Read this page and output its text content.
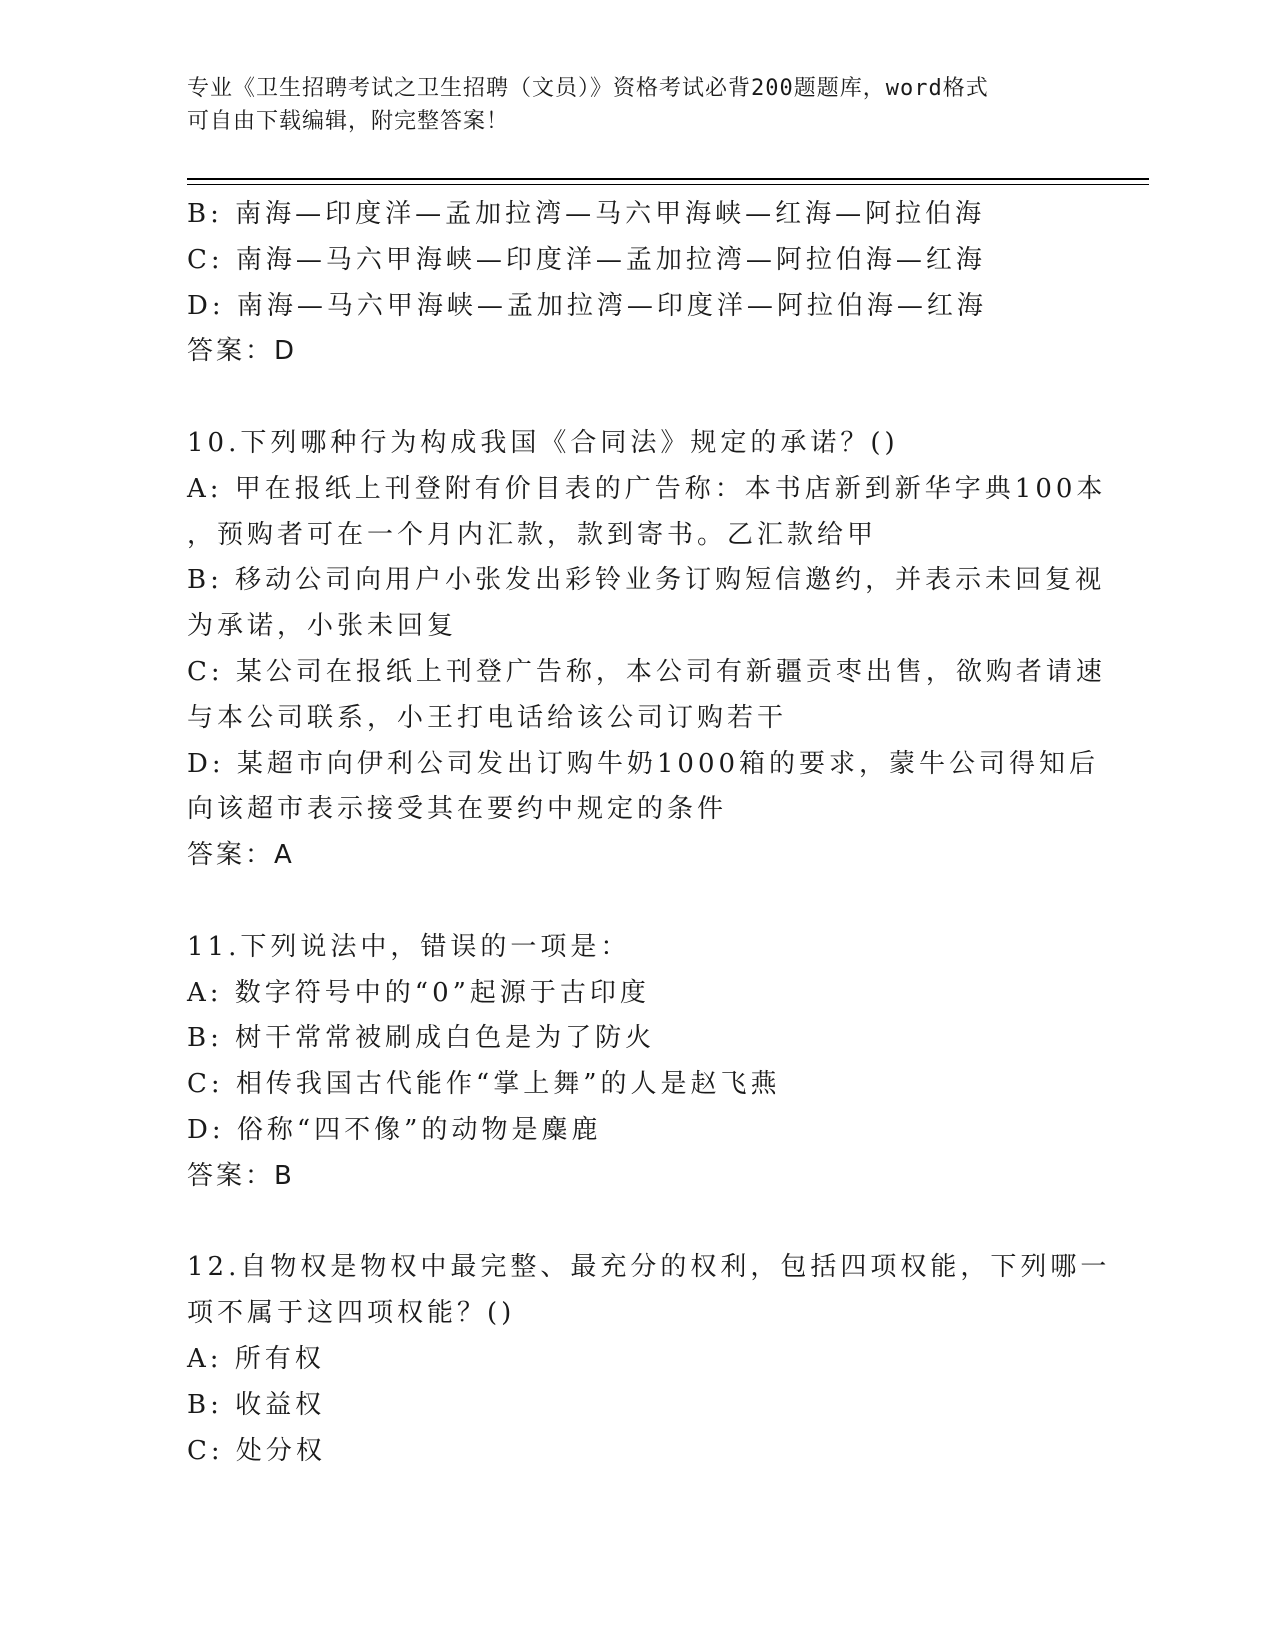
专业《卫生招聘考试之卫生招聘（文员）》资格考试必背200题题库，word格式
可自由下载编辑，附完整答案！
B: 南海—印度洋—孟加拉湾—马六甲海峡—红海—阿拉伯海
C: 南海—马六甲海峡—印度洋—孟加拉湾—阿拉伯海—红海
D: 南海—马六甲海峡—孟加拉湾—印度洋—阿拉伯海—红海
答案：D
10.下列哪种行为构成我国《合同法》规定的承诺？()
A: 甲在报纸上刊登附有价目表的广告称：本书店新到新华字典100本
，预购者可在一个月内汇款，款到寄书。乙汇款给甲
B: 移动公司向用户小张发出彩铃业务订购短信邀约，并表示未回复视
为承诺，小张未回复
C: 某公司在报纸上刊登广告称，本公司有新疆贡枣出售，欲购者请速
与本公司联系，小王打电话给该公司订购若干
D: 某超市向伊利公司发出订购牛奶1000箱的要求，蒙牛公司得知后
向该超市表示接受其在要约中规定的条件
答案：A
11.下列说法中，错误的一项是：
A: 数字符号中的“0”起源于古印度
B: 树干常常被刷成白色是为了防火
C: 相传我国古代能作“掌上舞”的人是赵飞燕
D: 俗称“四不像”的动物是麋鹿
答案：B
12.自物权是物权中最完整、最充分的权利，包括四项权能，下列哪一
项不属于这四项权能？()
A: 所有权
B: 收益权
C: 处分权
